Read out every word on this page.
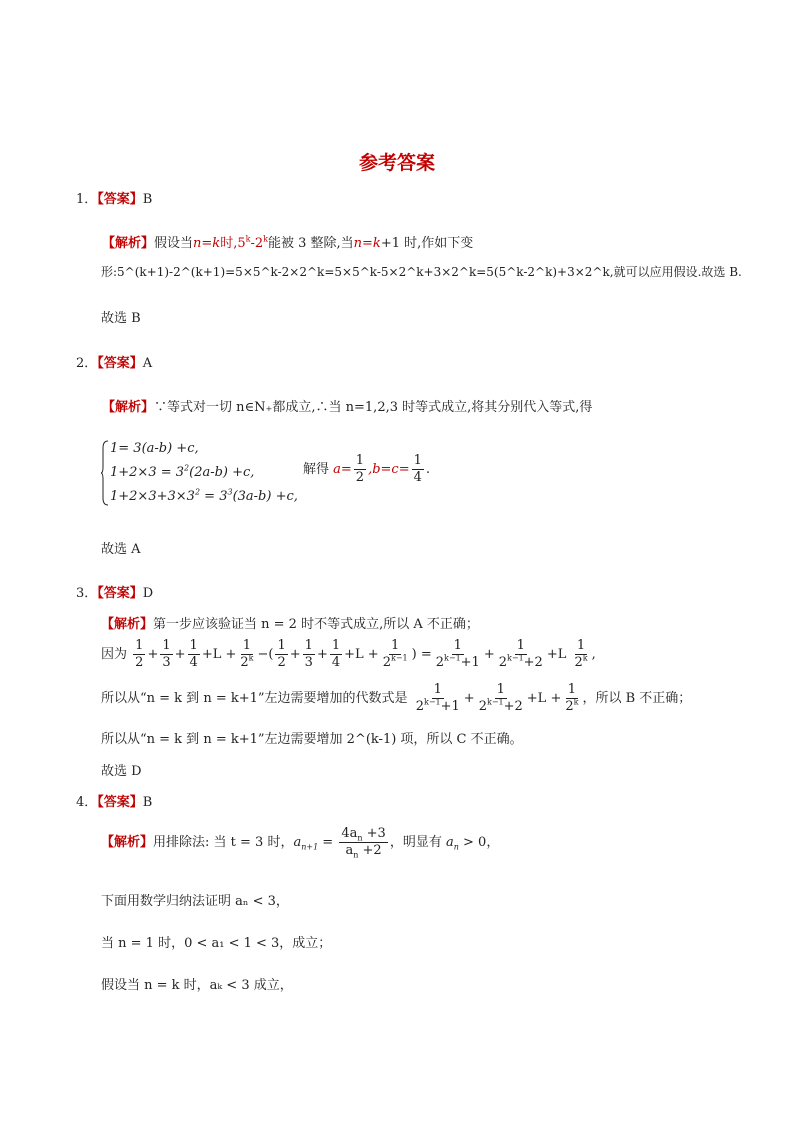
参考答案
1．【答案】B
【解析】假设当n=k时,5$^k$-2$^k$能被 3 整除,当n=k+1 时,作如下变
形:5^(k+1)-2^(k+1)=5×5^k-2×2^k=5×5^k-5×2^k+3×2^k=5(5^k-2^k)+3×2^k,就可以应用假设.故选 B.
故选 B
2．【答案】A
【解析】∵等式对一切 n∈N₊都成立,∴当 n=1,2,3 时等式成立,将其分别代入等式,得
1= 3(a-b) +c,
$1+2\times 3 = 3^2(2a-b) +c$,
$1+2\times 3+3\times 3^2 = 3^3(3a-b) +c$,
解得 $a= \frac{1}{2} ,b=c= \frac{1}{4}$ .
故选 A
3．【答案】D
【解析】第一步应该验证当 n = 2 时不等式成立,所以 A 不正确；
因为 $\frac{1}{2} + \frac{1}{3} + \frac{1}{4} +L + \frac{1}{2^k}$ −( $\frac{1}{2} + \frac{1}{3} + \frac{1}{4} +L + \frac{1}{2^{k-1}}$ ) = $\frac{1}{2^{k-1}+1} + \frac{1}{2^{k-1}+2} +L \frac{1}{2^k}$ ,
所以从“n = k 到 n = k+1”左边需要增加的代数式是 $\frac{1}{2^{k-1}+1} + \frac{1}{2^{k-1}+2} +L + \frac{1}{2^k}$ ，所以 B 不正确；
所以从“n = k 到 n = k+1”左边需要增加 2^(k-1) 项，所以 C 不正确。
故选 D
4．【答案】B
【解析】用排除法: 当 t = 3 时，$a_{n+1} = \frac{4a_n +3}{a_n +2}$ ，明显有 $a_n > 0$，
下面用数学归纳法证明 aₙ < 3，
当 n = 1 时，0 < a₁ < 1 < 3，成立；
假设当 n = k 时，aₖ < 3 成立，
